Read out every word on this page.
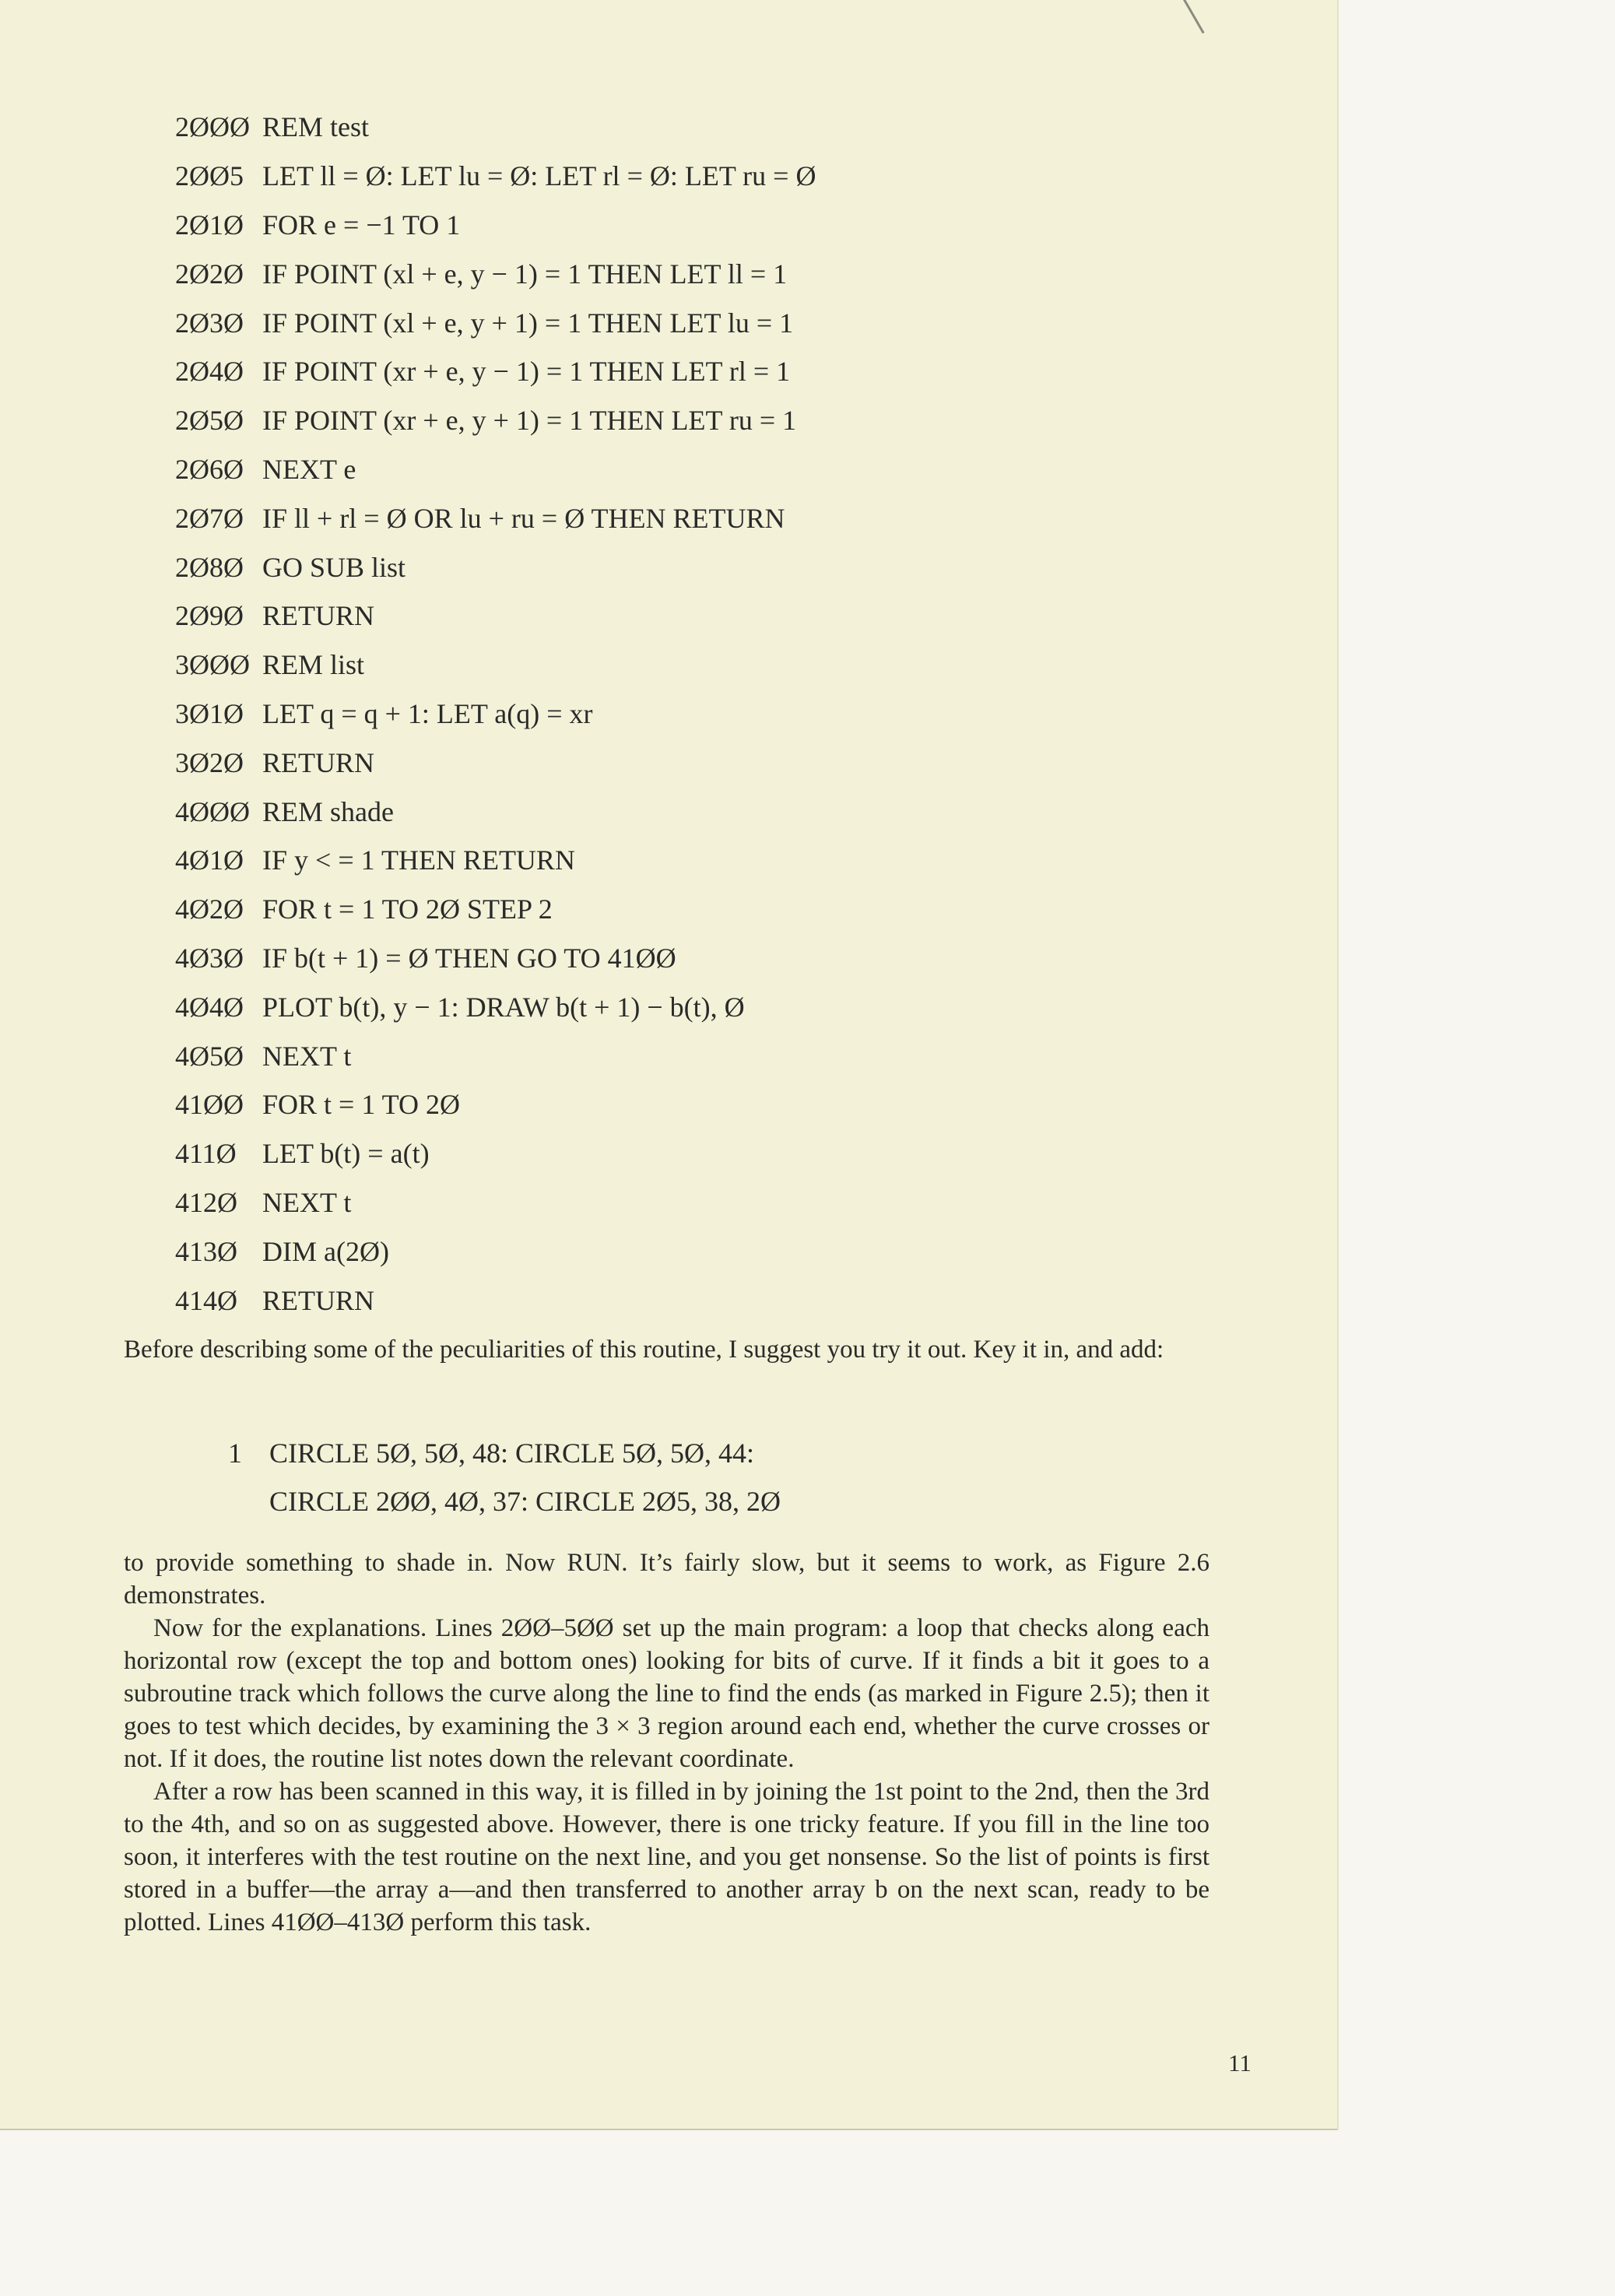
2ØØØ REM test
2ØØ5 LET ll = Ø: LET lu = Ø: LET rl = Ø: LET ru = Ø
2Ø1Ø FOR e = −1 TO 1
2Ø2Ø IF POINT (xl + e, y − 1) = 1 THEN LET ll = 1
2Ø3Ø IF POINT (xl + e, y + 1) = 1 THEN LET lu = 1
2Ø4Ø IF POINT (xr + e, y − 1) = 1 THEN LET rl = 1
2Ø5Ø IF POINT (xr + e, y + 1) = 1 THEN LET ru = 1
2Ø6Ø NEXT e
2Ø7Ø IF ll + rl = Ø OR lu + ru = Ø THEN RETURN
2Ø8Ø GO SUB list
2Ø9Ø RETURN
3ØØØ REM list
3Ø1Ø LET q = q + 1: LET a(q) = xr
3Ø2Ø RETURN
4ØØØ REM shade
4Ø1Ø IF y < = 1 THEN RETURN
4Ø2Ø FOR t = 1 TO 2Ø STEP 2
4Ø3Ø IF b(t + 1) = Ø THEN GO TO 41ØØ
4Ø4Ø PLOT b(t), y − 1: DRAW b(t + 1) − b(t), Ø
4Ø5Ø NEXT t
41ØØ FOR t = 1 TO 2Ø
411Ø LET b(t) = a(t)
412Ø NEXT t
413Ø DIM a(2Ø)
414Ø RETURN

Before describing some of the peculiarities of this routine, I suggest you try it out. Key it in, and add:

1 CIRCLE 5Ø, 5Ø, 48: CIRCLE 5Ø, 5Ø, 44:
CIRCLE 2ØØ, 4Ø, 37: CIRCLE 2Ø5, 38, 2Ø

to provide something to shade in. Now RUN. It’s fairly slow, but it seems to work, as Figure 2.6 demonstrates.

Now for the explanations. Lines 2ØØ–5ØØ set up the main program: a loop that checks along each horizontal row (except the top and bottom ones) looking for bits of curve. If it finds a bit it goes to a subroutine track which follows the curve along the line to find the ends (as marked in Figure 2.5); then it goes to test which decides, by examining the 3 × 3 region around each end, whether the curve crosses or not. If it does, the routine list notes down the relevant coordinate.

After a row has been scanned in this way, it is filled in by joining the 1st point to the 2nd, then the 3rd to the 4th, and so on as suggested above. However, there is one tricky feature. If you fill in the line too soon, it interferes with the test routine on the next line, and you get nonsense. So the list of points is first stored in a buffer—the array a—and then transferred to another array b on the next scan, ready to be plotted. Lines 41ØØ–413Ø perform this task.

11
